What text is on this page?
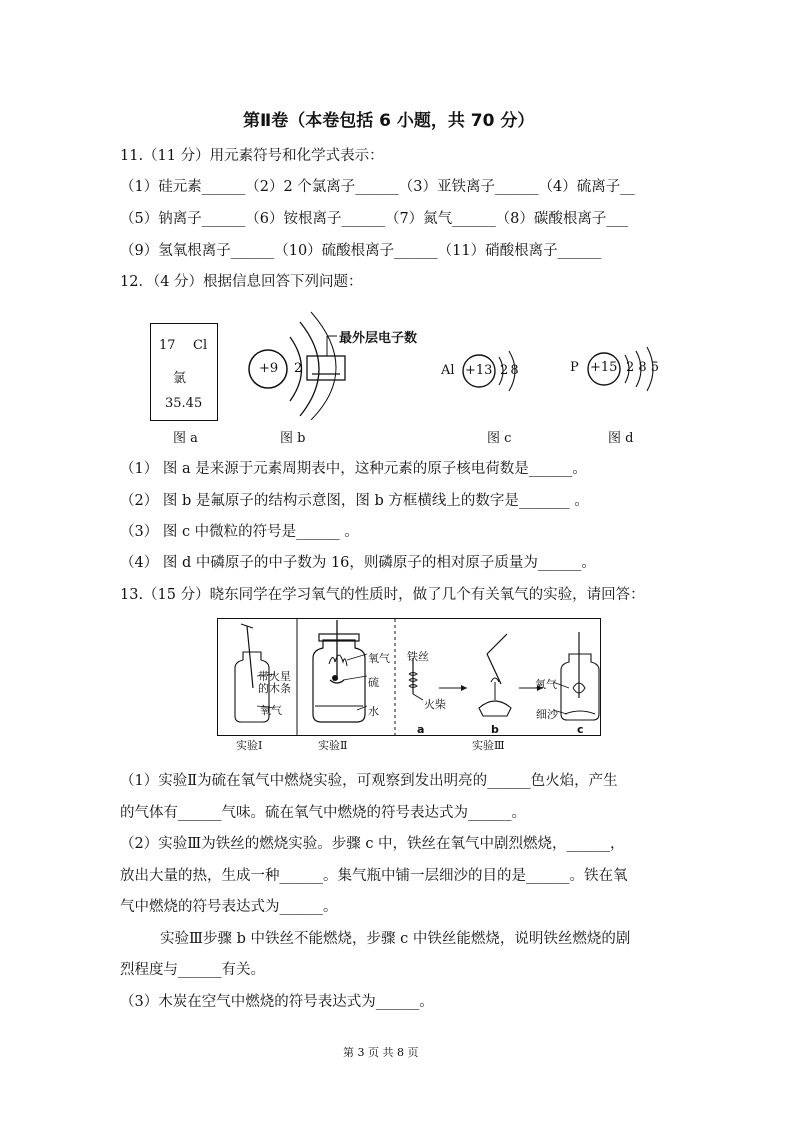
第Ⅱ卷（本卷包括 6 小题，共 70 分）
11.（11 分）用元素符号和化学式表示：
（1）硅元素______（2）2 个氯离子______（3）亚铁离子______（4）硫离子__
（5）钠离子______（6）铵根离子______（7）氮气______（8）碳酸根离子___
（9）氢氧根离子______（10）硫酸根离子______（11）硝酸根离子______
12．（4 分）根据信息回答下列问题：
17 Cl
氯
35.45
图 a
+9 2
最外层电子数
图 b
Al +13 2 8
图 c
P +15 2 8 5
图 d
（1） 图 a 是来源于元素周期表中，这种元素的原子核电荷数是______。
（2） 图 b 是氟原子的结构示意图，图 b 方框横线上的数字是_______ 。
（3） 图 c 中微粒的符号是______ 。
（4） 图 d 中磷原子的中子数为 16，则磷原子的相对原子质量为______。
13.（15 分）晓东同学在学习氧气的性质时，做了几个有关氧气的实验，请回答：
带火星
的木条
氧气
氧气
硫
水
铁丝
火柴
氧气
细沙
a	b	c
实验Ⅰ	实验Ⅱ	实验Ⅲ
（1）实验Ⅱ为硫在氧气中燃烧实验，可观察到发出明亮的______色火焰，产生
的气体有______气味。硫在氧气中燃烧的符号表达式为______。
（2）实验Ⅲ为铁丝的燃烧实验。步骤 c 中，铁丝在氧气中剧烈燃烧，______，
放出大量的热，生成一种______。集气瓶中铺一层细沙的目的是______。铁在氧
气中燃烧的符号表达式为______。
实验Ⅲ步骤 b 中铁丝不能燃烧，步骤 c 中铁丝能燃烧，说明铁丝燃烧的剧
烈程度与______有关。
（3）木炭在空气中燃烧的符号表达式为______。
第 3 页 共 8 页
